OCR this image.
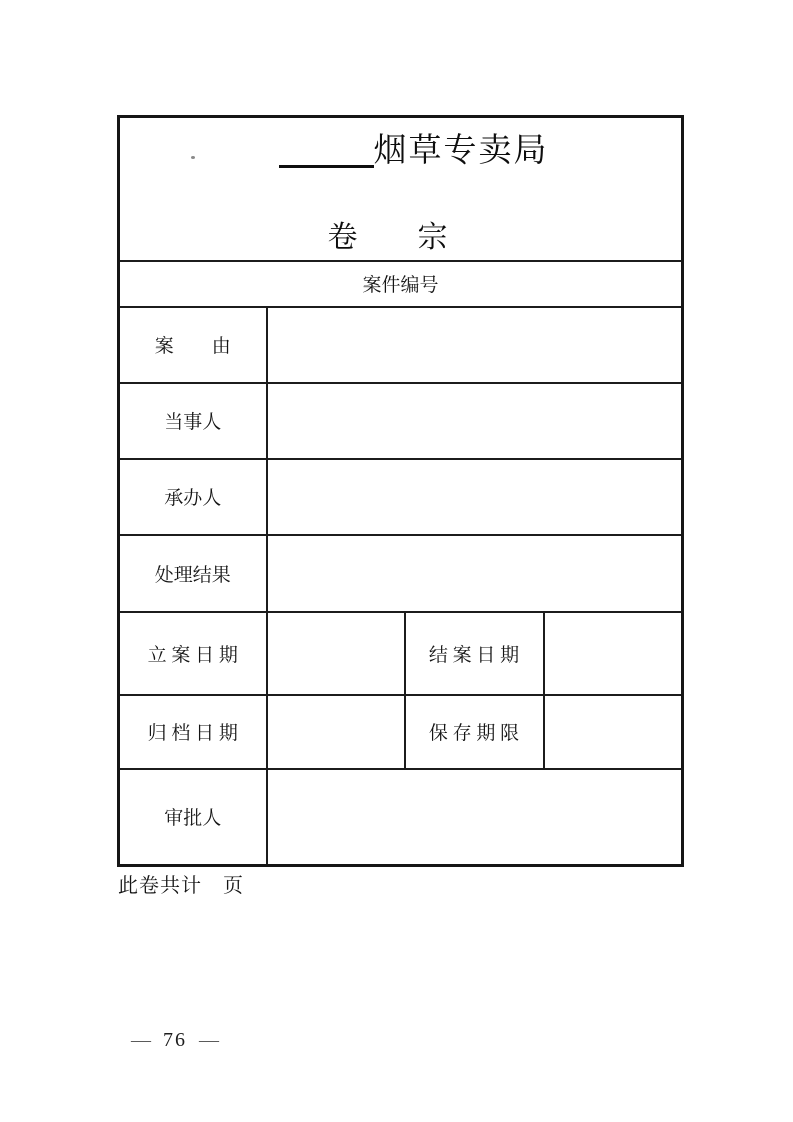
烟草专卖局
卷　　宗			

案件编号			
案　　由			
当事人			
承办人			
处理结果			
立 案 日 期		结 案 日 期	
归 档 日 期		保 存 期 限	
审批人			
此卷共计　页
— 76 —
